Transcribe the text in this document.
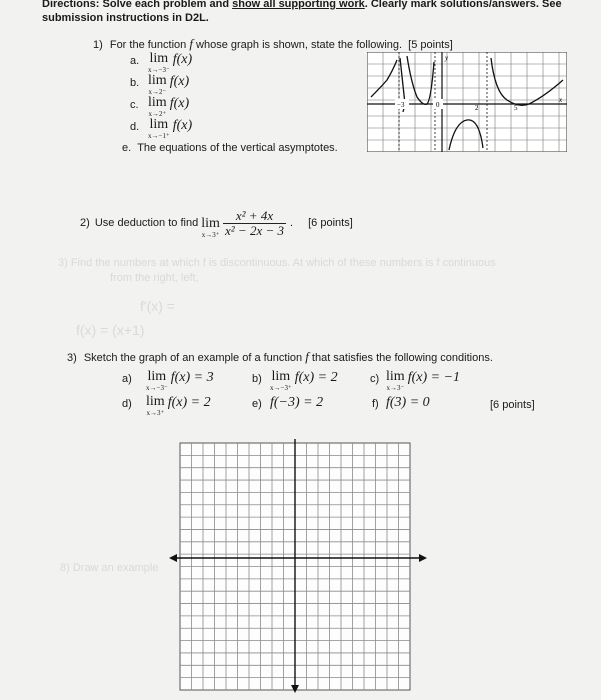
Directions: Solve each problem and show all supporting work. Clearly mark solutions/answers. See
submission instructions in D2L.
1) For the function f whose graph is shown, state the following. [5 points]
a. lim
x→−3⁻
f(x)
b. lim
x→2⁻
f(x)
c. lim
x→2⁺
f(x)
d. lim
x→−1⁺
f(x)
e. The equations of the vertical asymptotes.
−3	0	2	5
x
y
2) Use deduction to find lim
x→3⁺
$\frac{\text{x² + 4x}}{\text{x² − 2x − 3}}$ . [6 points]
3) Find the numbers at which f is discontinuous. At which of these numbers is f continuous
from the right, left,
f'(x) =
f(x) = (x+1)
8) Draw an example
3) Sketch the graph of an example of a function f that satisfies the following conditions.
a) lim
x→−3⁻
f(x) = 3	b) lim
x→−3⁺
f(x) = 2	c) lim
x→3⁻
f(x) = −1
d) lim
x→3⁺
f(x) = 2	e) f(−3) = 2	f) f(3) = 0	[6 points]
